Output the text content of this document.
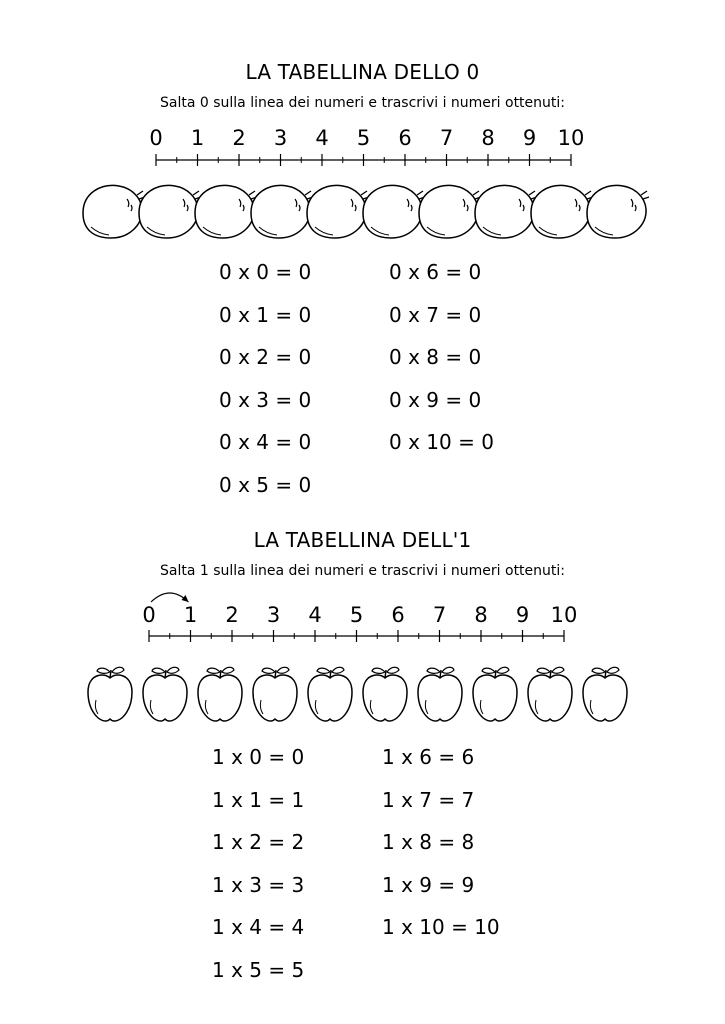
LA TABELLINA DELLO 0
Salta 0 sulla linea dei numeri e trascrivi i numeri ottenuti:
0 1 2 3 4 5 6 7 8 9 10
0 x 0 = 0
0 x 1 = 0
0 x 2 = 0
0 x 3 = 0
0 x 4 = 0
0 x 5 = 0
0 x 6 = 0
0 x 7 = 0
0 x 8 = 0
0 x 9 = 0
0 x 10 = 0
LA TABELLINA DELL'1
Salta 1 sulla linea dei numeri e trascrivi i numeri ottenuti:
0 1 2 3 4 5 6 7 8 9 10
1 x 0 = 0
1 x 1 = 1
1 x 2 = 2
1 x 3 = 3
1 x 4 = 4
1 x 5 = 5
1 x 6 = 6
1 x 7 = 7
1 x 8 = 8
1 x 9 = 9
1 x 10 = 10
